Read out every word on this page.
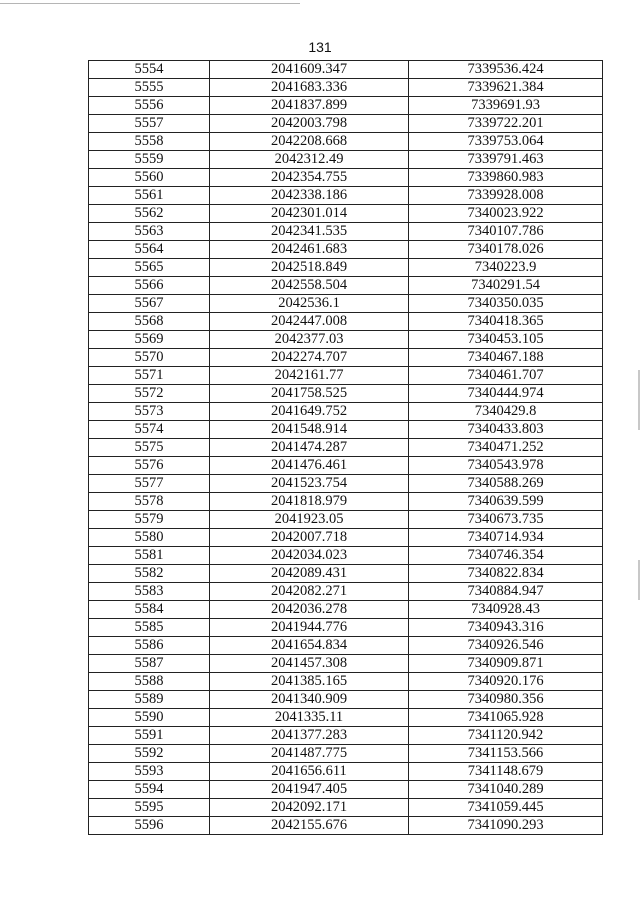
131
5554	2041609.347	7339536.424
5555	2041683.336	7339621.384
5556	2041837.899	7339691.93
5557	2042003.798	7339722.201
5558	2042208.668	7339753.064
5559	2042312.49	7339791.463
5560	2042354.755	7339860.983
5561	2042338.186	7339928.008
5562	2042301.014	7340023.922
5563	2042341.535	7340107.786
5564	2042461.683	7340178.026
5565	2042518.849	7340223.9
5566	2042558.504	7340291.54
5567	2042536.1	7340350.035
5568	2042447.008	7340418.365
5569	2042377.03	7340453.105
5570	2042274.707	7340467.188
5571	2042161.77	7340461.707
5572	2041758.525	7340444.974
5573	2041649.752	7340429.8
5574	2041548.914	7340433.803
5575	2041474.287	7340471.252
5576	2041476.461	7340543.978
5577	2041523.754	7340588.269
5578	2041818.979	7340639.599
5579	2041923.05	7340673.735
5580	2042007.718	7340714.934
5581	2042034.023	7340746.354
5582	2042089.431	7340822.834
5583	2042082.271	7340884.947
5584	2042036.278	7340928.43
5585	2041944.776	7340943.316
5586	2041654.834	7340926.546
5587	2041457.308	7340909.871
5588	2041385.165	7340920.176
5589	2041340.909	7340980.356
5590	2041335.11	7341065.928
5591	2041377.283	7341120.942
5592	2041487.775	7341153.566
5593	2041656.611	7341148.679
5594	2041947.405	7341040.289
5595	2042092.171	7341059.445
5596	2042155.676	7341090.293
